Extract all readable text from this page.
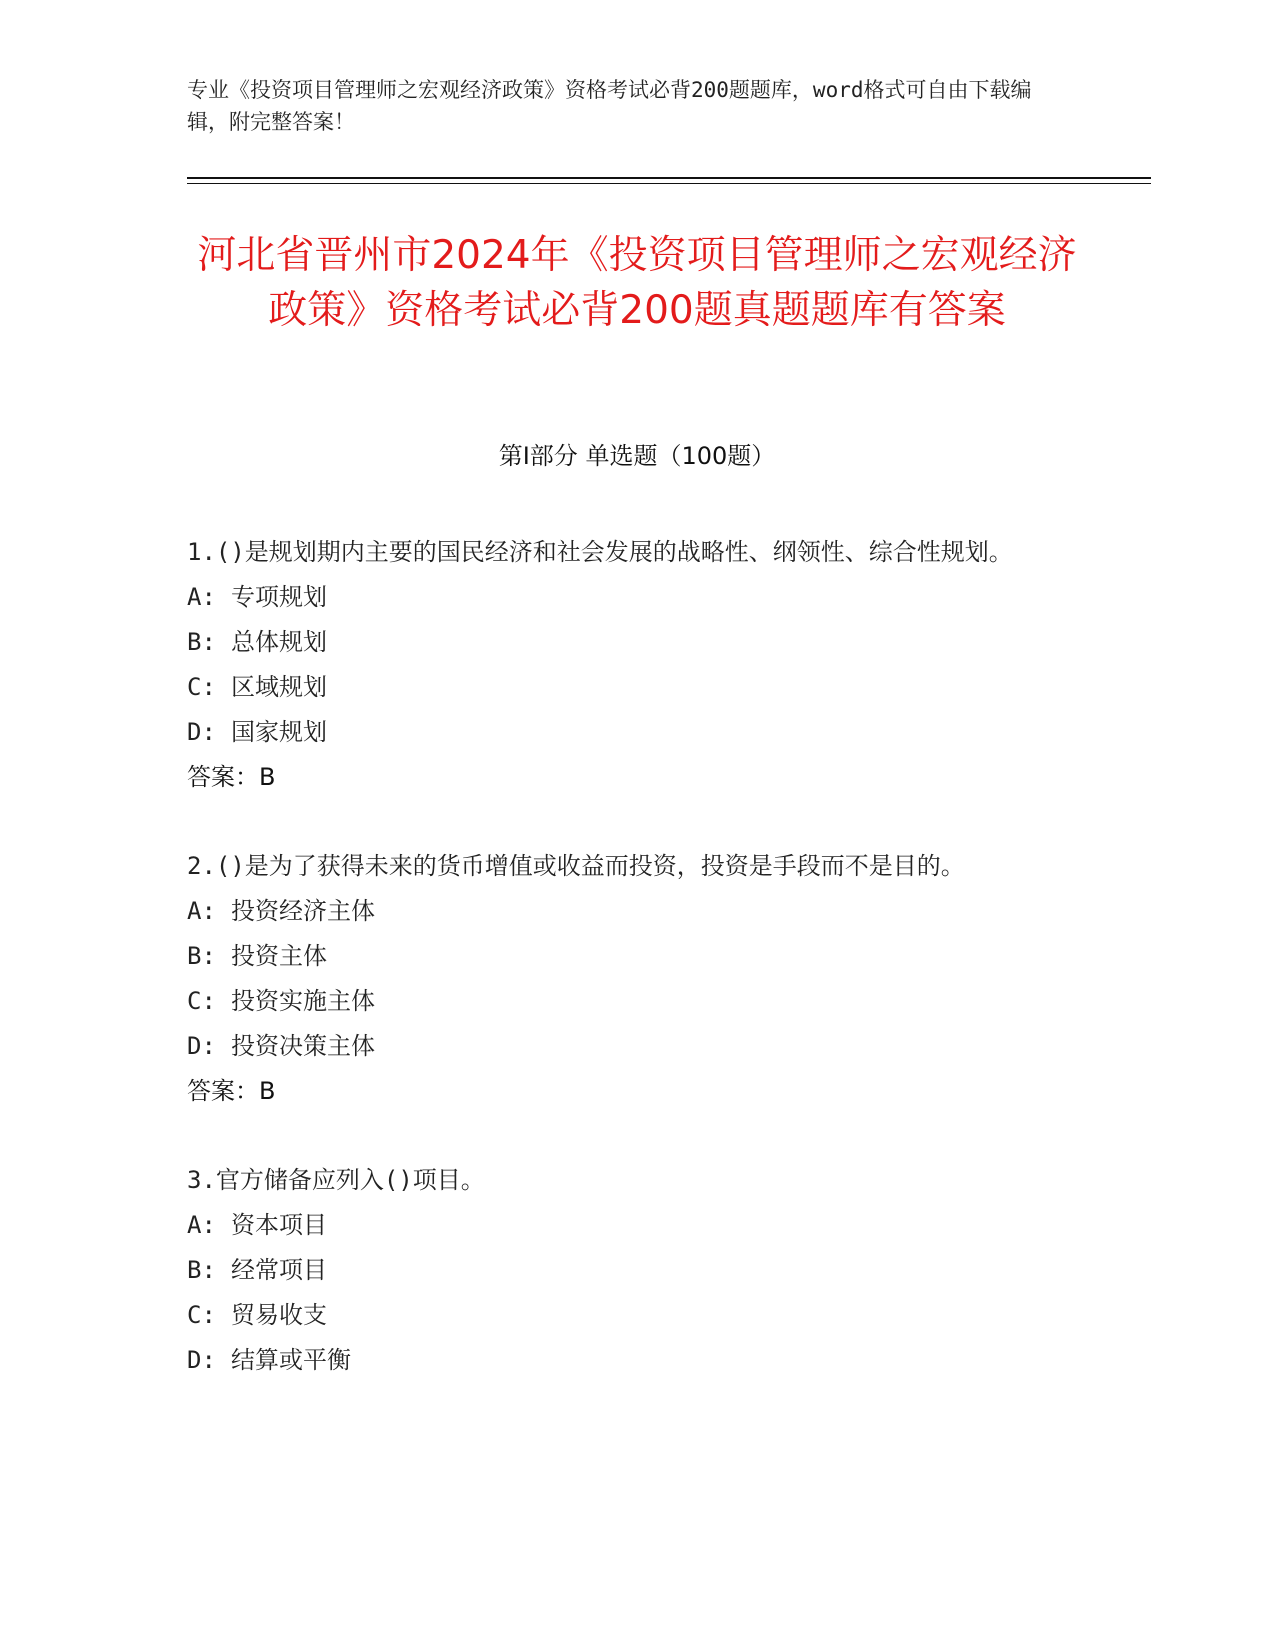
专业《投资项目管理师之宏观经济政策》资格考试必背200题题库，word格式可自由下载编辑，附完整答案！
河北省晋州市2024年《投资项目管理师之宏观经济政策》资格考试必背200题真题题库有答案
第Ⅰ部分 单选题（100题）
1.()是规划期内主要的国民经济和社会发展的战略性、纲领性、综合性规划。
A: 专项规划
B: 总体规划
C: 区域规划
D: 国家规划
答案：B
2.()是为了获得未来的货币增值或收益而投资，投资是手段而不是目的。
A: 投资经济主体
B: 投资主体
C: 投资实施主体
D: 投资决策主体
答案：B
3.官方储备应列入()项目。
A: 资本项目
B: 经常项目
C: 贸易收支
D: 结算或平衡
